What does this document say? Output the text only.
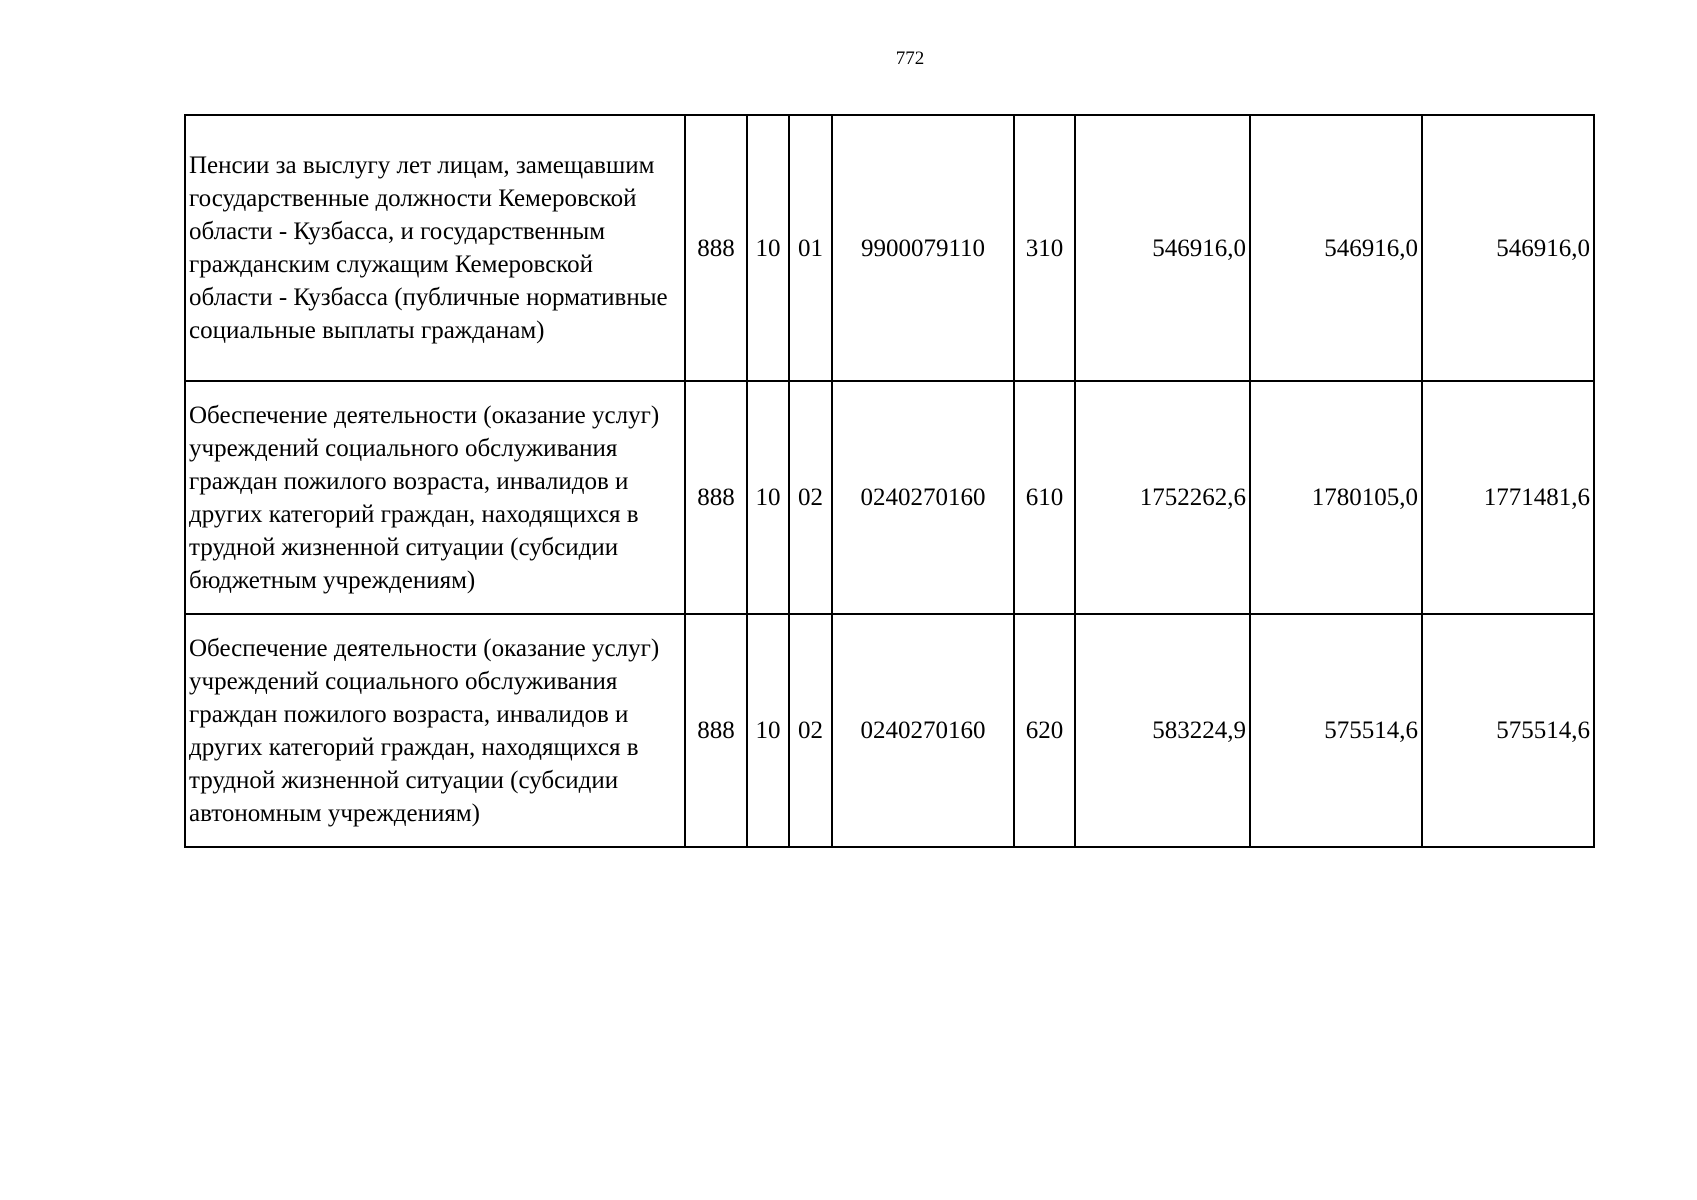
772
Пенсии за выслугу лет лицам, замещавшим государственные должности Кемеровской области - Кузбасса, и государственным гражданским служащим Кемеровской области - Кузбасса (публичные нормативные социальные выплаты гражданам)	888	10	01	9900079110	310	546916,0	546916,0	546916,0
Обеспечение деятельности (оказание услуг) учреждений социального обслуживания граждан пожилого возраста, инвалидов и других категорий граждан, находящихся в трудной жизненной ситуации (субсидии бюджетным учреждениям)	888	10	02	0240270160	610	1752262,6	1780105,0	1771481,6
Обеспечение деятельности (оказание услуг) учреждений социального обслуживания граждан пожилого возраста, инвалидов и других категорий граждан, находящихся в трудной жизненной ситуации (субсидии автономным учреждениям)	888	10	02	0240270160	620	583224,9	575514,6	575514,6
